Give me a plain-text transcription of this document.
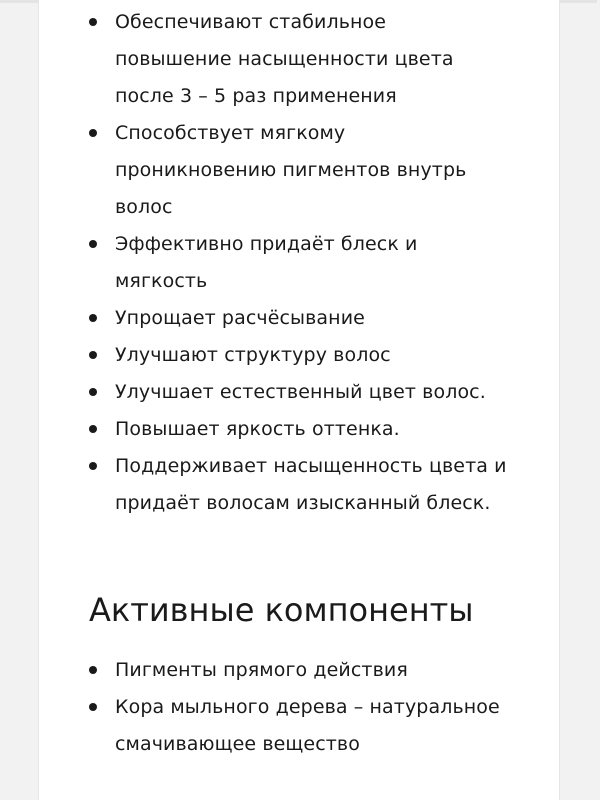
Обеспечивают стабильное повышение насыщенности цвета после 3 – 5 раз применения
Способствует мягкому проникновению пигментов внутрь волос
Эффективно придаёт блеск и мягкость
Упрощает расчёсывание
Улучшают структуру волос
Улучшает естественный цвет волос.
Повышает яркость оттенка.
Поддерживает насыщенность цвета и придаёт волосам изысканный блеск.
Активные компоненты
Пигменты прямого действия
Кора мыльного дерева – натуральное смачивающее вещество
